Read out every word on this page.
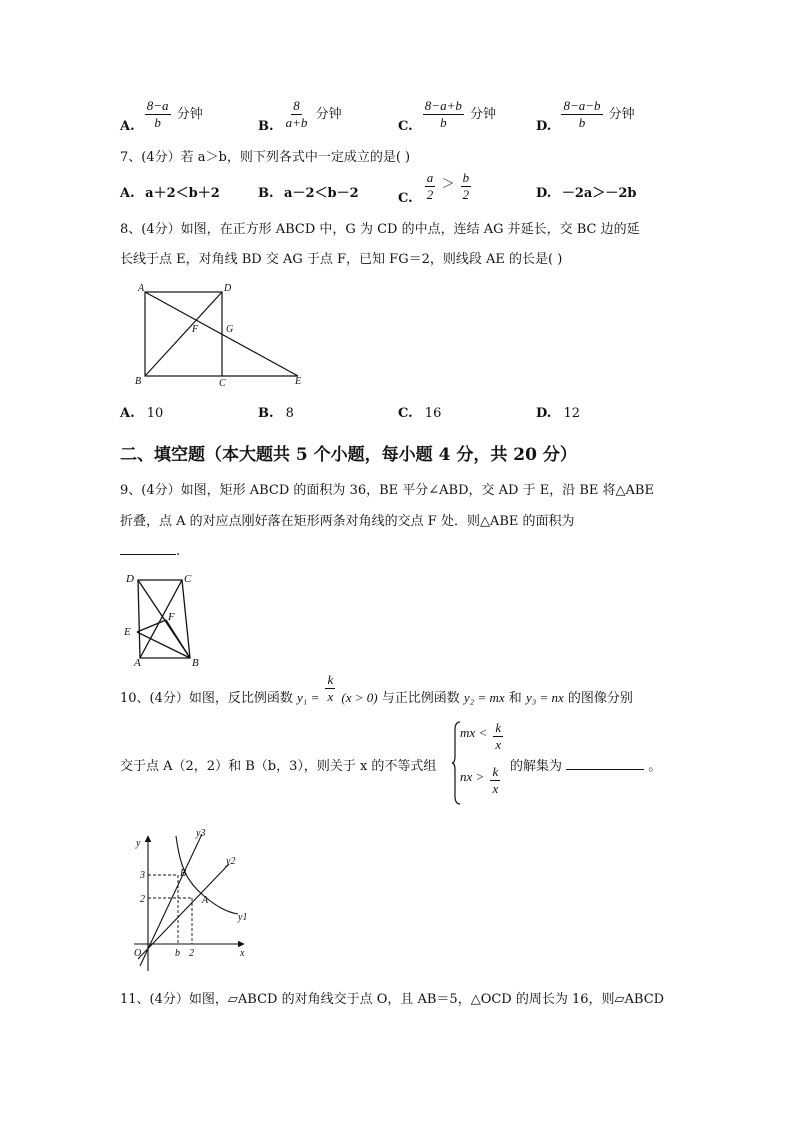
A. $\frac{8-a}{b}$ 分钟
B. $\frac{8}{a+b}$ 分钟
C. $\frac{8-a+b}{b}$ 分钟
D. $\frac{8-a-b}{b}$ 分钟
7、(4分）若 a＞b，则下列各式中一定成立的是( )
A. a＋2＜b＋2	B. a－2＜b－2	C. $\frac{a}{2} > \frac{b}{2}$	D. －2a＞－2b
8、(4分）如图，在正方形 ABCD 中，G 为 CD 的中点，连结 AG 并延长，交 BC 边的延
长线于点 E，对角线 BD 交 AG 于点 F，已知 FG＝2，则线段 AE 的长是( )
A	D
B	C	E
F	G
A. 10	B. 8	C. 16	D. 12
二、填空题（本大题共 5 个小题，每小题 4 分，共 20 分）
9、(4分）如图，矩形 ABCD 的面积为 36，BE 平分∠ABD，交 AD 于 E，沿 BE 将△ABE
折叠，点 A 的对应点刚好落在矩形两条对角线的交点 F 处．则△ABE 的面积为
.
D	C
E
F
A	B
10、(4分）如图，反比例函数 $y_1 = \frac{k}{x} (x > 0)$ 与正比例函数 y₂ = mx 和 y₃ = nx 的图像分别
交于点 A（2，2）和 B（b，3），则关于 x 的不等式组
mx < $\frac{k}{x}$
nx > $\frac{k}{x}$ 的解集为	。
y
x
O
3
2
b 2
B
A
y3
y2
y1
11、(4分）如图，▱ABCD 的对角线交于点 O，且 AB＝5，△OCD 的周长为 16，则▱ABCD
